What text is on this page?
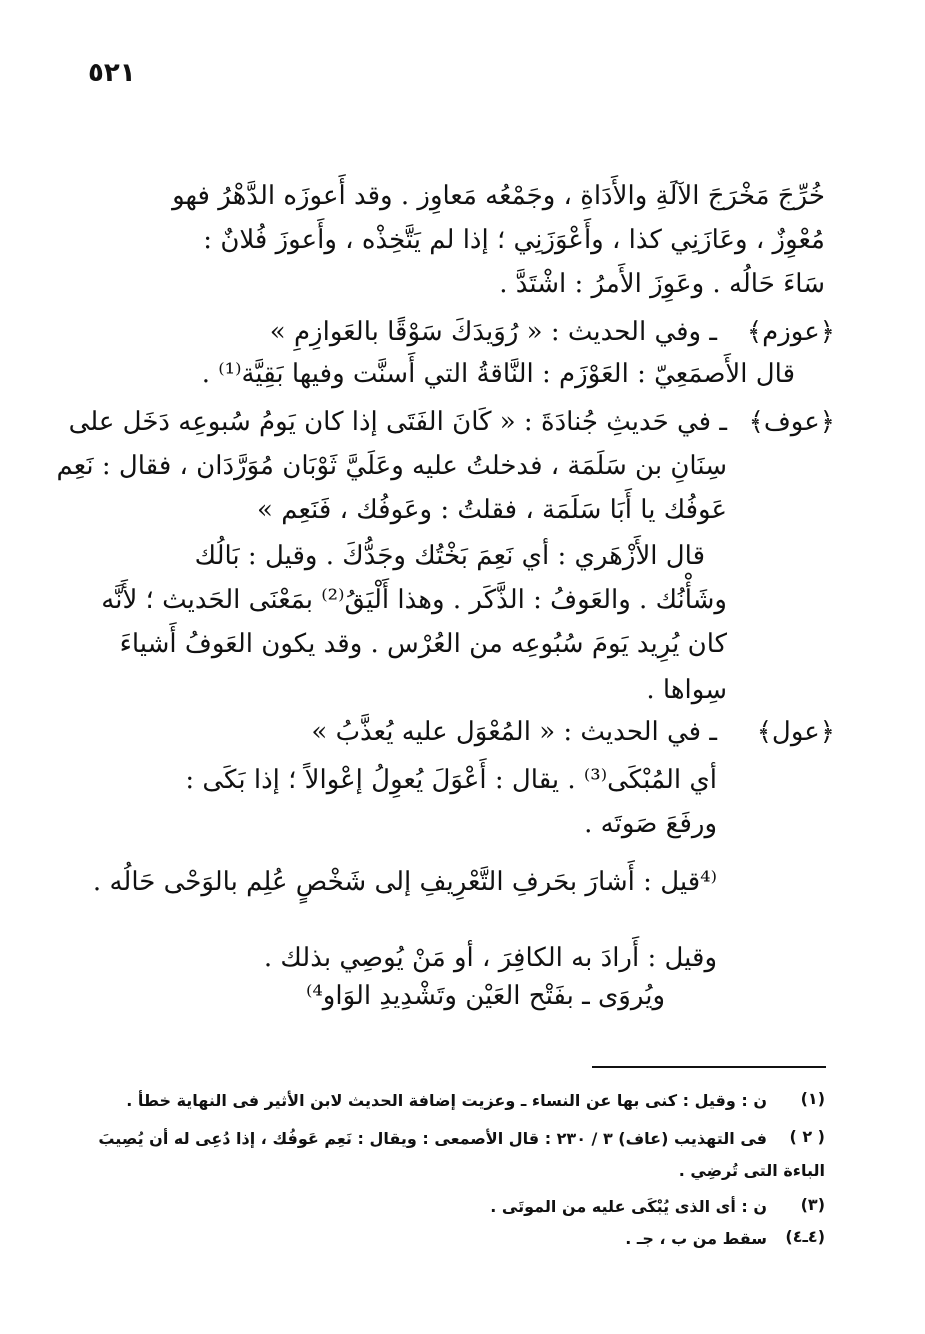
٥٢١
خُرِّجَ مَخْرَجَ الآلَةِ والأَدَاةِ ، وجَمْعُه مَعاوِز . وقد أَعوزَه الدَّهْرُ فهو
مُعْوِزٌ ، وعَازَنِي كذا ، وأَعْوَزَنِي ؛ إذا لم يَتَّخِذْه ، وأَعوزَ فُلانٌ :
سَاءَ حَالُه . وعَوِزَ الأَمرُ : اشْتَدَّ .
﴿عوزم﴾
ـ وفي الحديث : « رُوَيدَكَ سَوْقًا بالعَوازِمِ »
قال الأَصمَعِيّ : العَوْزَم : النَّاقةُ التي أَسنَّت وفيها بَقِيَّة⁽¹⁾ .
﴿عوف﴾
ـ في حَديثِ جُنادَةَ : « كَانَ الفَتَى إذا كان يَومُ سُبوعِه دَخَل على
سِنَانِ بن سَلَمَة ، فدخلتُ عليه وعَلَيَّ ثَوْبَان مُوَرَّدَان ، فقال : نَعِم
عَوفُك يا أَبَا سَلَمَة ، فقلتُ : وعَوفُك ، فَنَعِم »
قال الأَزْهَري : أي نَعِمَ بَخْتُك وجَدُّكَ . وقيل : بَالُك
وشَأْنُك . والعَوفُ : الذَّكَر . وهذا أَلْيَقُ⁽²⁾ بمَعْنَى الحَديث ؛ لأَنَّه
كان يُرِيد يَومَ سُبُوعِه من العُرْس . وقد يكون العَوفُ أَشياءَ
سِواها .
﴿عول﴾
ـ في الحديث : « المُعْوَل عليه يُعذَّبُ »
أي المُبْكَى⁽³⁾ . يقال : أَعْوَلَ يُعوِلُ إعْوالاً ؛ إذا بَكَى :
ورفَعَ صَوتَه .
⁽⁴قيل : أَشارَ بحَرفِ التَّعْرِيفِ إلى شَخْصٍ عُلِم بالوَحْى حَالُه .
وقيل : أَرادَ به الكافِرَ ، أو مَنْ يُوصِي بذلك .
ويُروَى ـ بفَتْح العَيْن وتَشْدِيدِ الوَاو⁴⁾
(١)
ن : وقيل : كنى بها عن النساء ـ وعزيت إضافة الحديث لابن الأثير فى النهاية خطأ .
( ٢ )
فى التهذيب (عاف) ٣ / ٢٣٠ : قال الأصمعى : ويقال : نَعِم عَوفُك ، إذا دُعِى له أن يُصِيبَ
الباءة التى تُرضِي .
(٣)
ن : أى الذى يُبْكَى عليه من الموتَى .
(٤ـ٤)
سقط من ب ، جـ .
